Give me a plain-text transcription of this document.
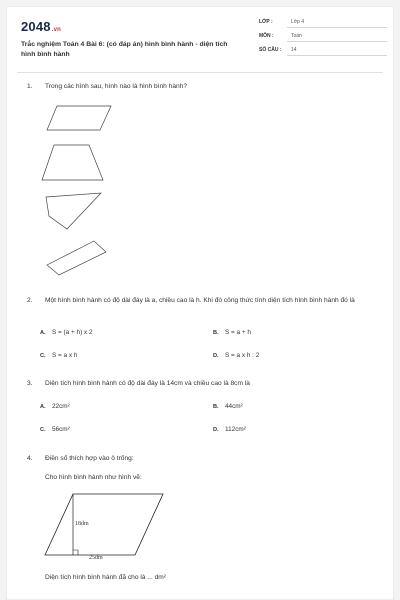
2048.vn
Trắc nghiệm Toán 4 Bài 6: (có đáp án) hình bình hành - diện tích hình bình hành
LỚP :	Lớp 4
MÔN :	Toán
SỐ CÂU :	14
1.	Trong các hình sau, hình nào là hình bình hành?
2.	Một hình bình hành có độ dài đáy là a, chiều cao là h. Khi đó công thức tính diện tích hình bình hành đó là
A. S = (a + h) x 2	B. S = a + h
C. S = a x h	D. S = a x h : 2
3.	Diện tích hình bình hành có độ dài đáy là 14cm và chiều cao là 8cm là
A. 22cm²	B. 44cm²
C. 56cm²	D. 112cm²
4.	Điền số thích hợp vào ô trống:
Cho hình bình hành như hình vẽ:
18dm
25dm
Diện tích hình bình hành đã cho là ... dm²
